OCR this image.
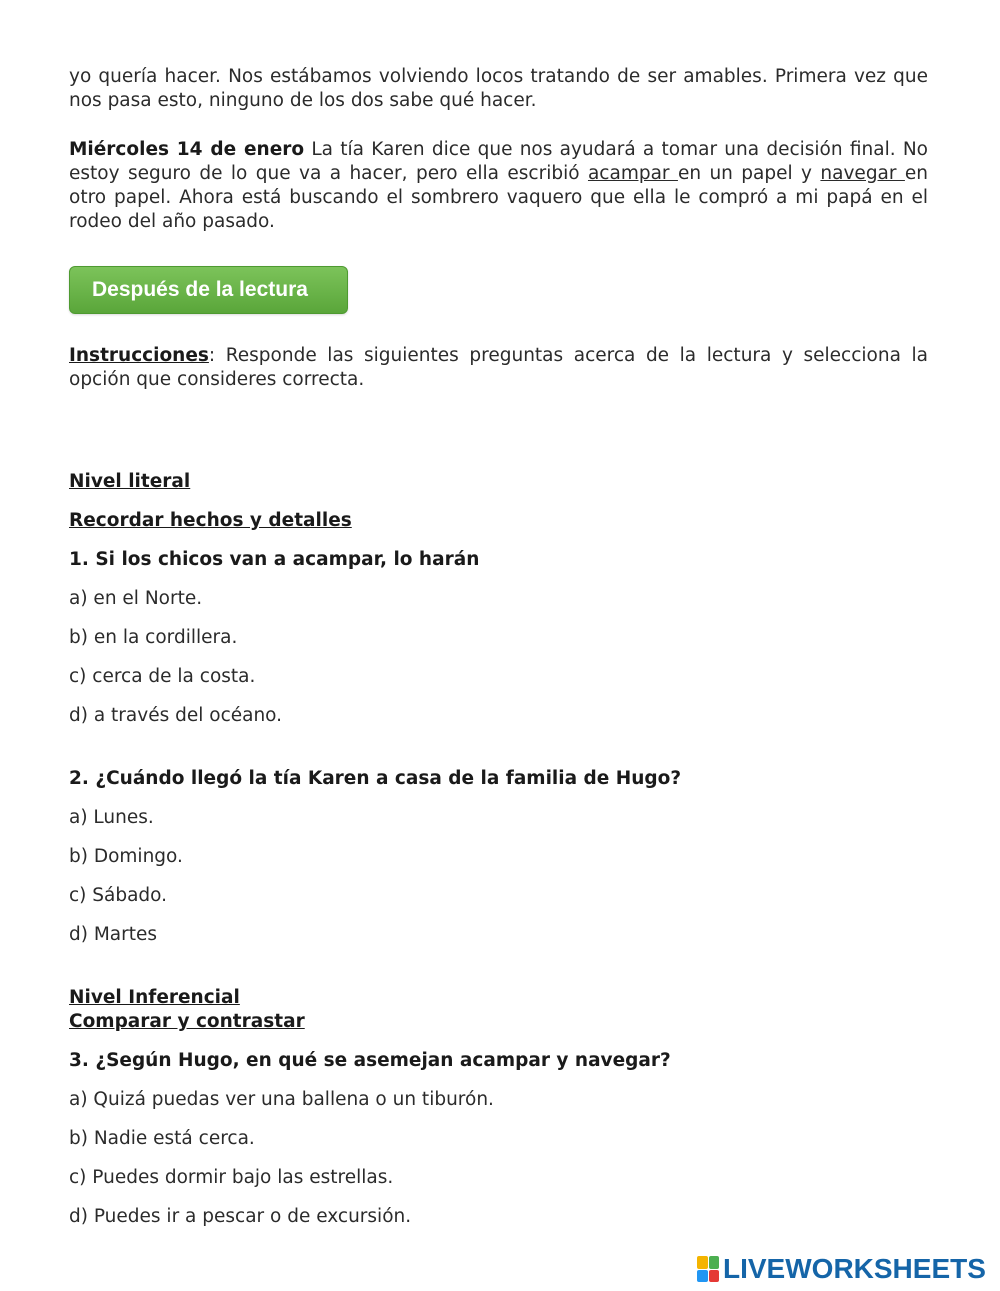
yo quería hacer. Nos estábamos volviendo locos tratando de ser amables. Primera vez que nos pasa esto, ninguno de los dos sabe qué hacer.
Miércoles 14 de enero La tía Karen dice que nos ayudará a tomar una decisión final. No estoy seguro de lo que va a hacer, pero ella escribió acampar en un papel y navegar en otro papel. Ahora está buscando el sombrero vaquero que ella le compró a mi papá en el rodeo del año pasado.
Después de la lectura
Instrucciones: Responde las siguientes preguntas acerca de la lectura y selecciona la opción que consideres correcta.
Nivel literal
Recordar hechos y detalles
1. Si los chicos van a acampar, lo harán
a) en el Norte.
b) en la cordillera.
c) cerca de la costa.
d) a través del océano.
2. ¿Cuándo llegó la tía Karen a casa de la familia de Hugo?
a) Lunes.
b) Domingo.
c) Sábado.
d) Martes
Nivel Inferencial
Comparar y contrastar
3. ¿Según Hugo, en qué se asemejan acampar y navegar?
a) Quizá puedas ver una ballena o un tiburón.
b) Nadie está cerca.
c) Puedes dormir bajo las estrellas.
d) Puedes ir a pescar o de excursión.
LIVEWORKSHEETS
